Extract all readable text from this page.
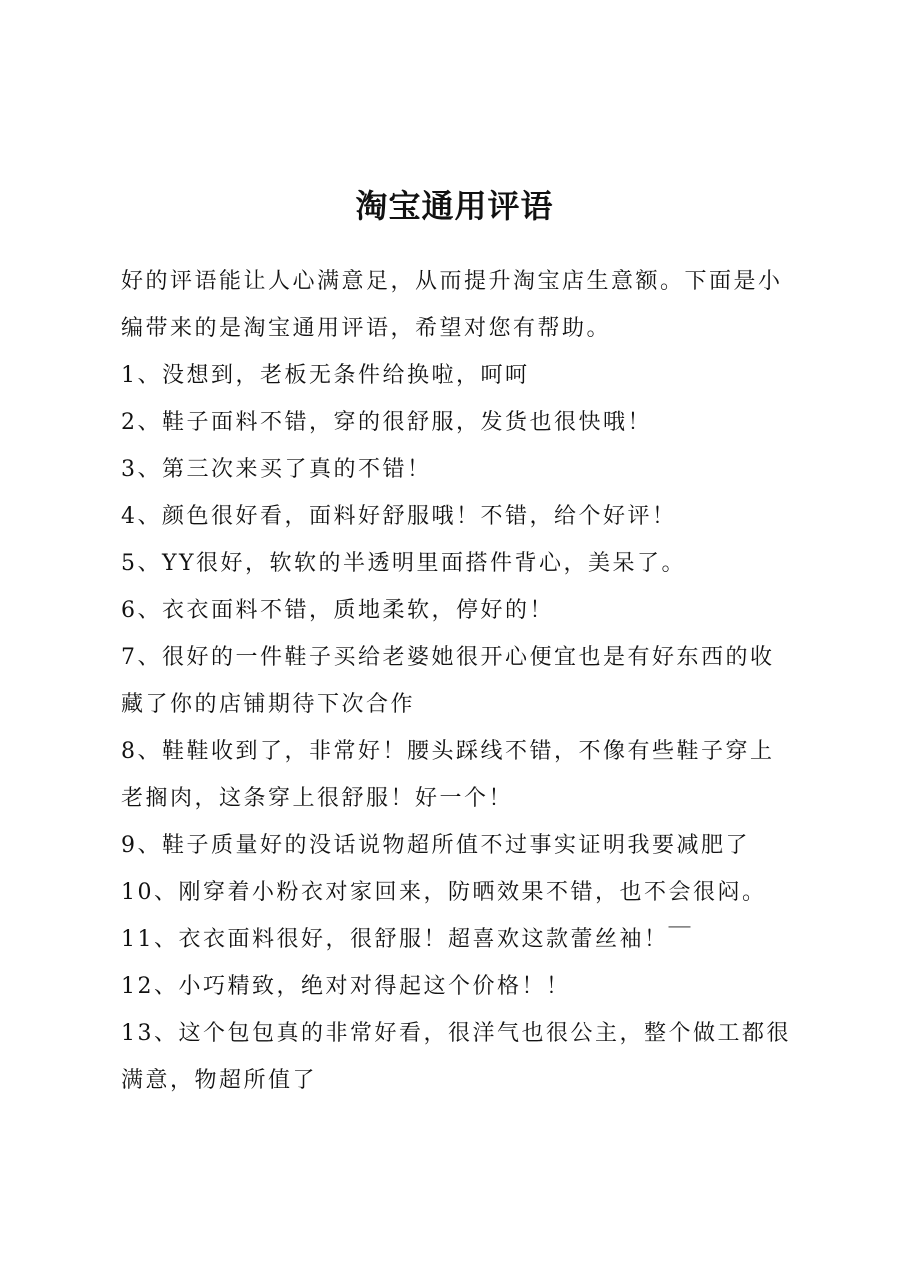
淘宝通用评语

好的评语能让人心满意足，从而提升淘宝店生意额。下面是小编带来的是淘宝通用评语，希望对您有帮助。

1、没想到，老板无条件给换啦，呵呵

2、鞋子面料不错，穿的很舒服，发货也很快哦！

3、第三次来买了真的不错！

4、颜色很好看，面料好舒服哦！不错，给个好评！

5、YY很好，软软的半透明里面搭件背心，美呆了。

6、衣衣面料不错，质地柔软，停好的！

7、很好的一件鞋子买给老婆她很开心便宜也是有好东西的收藏了你的店铺期待下次合作

8、鞋鞋收到了，非常好！腰头踩线不错，不像有些鞋子穿上老搁肉，这条穿上很舒服！好一个！

9、鞋子质量好的没话说物超所值不过事实证明我要减肥了

10、刚穿着小粉衣对家回来，防晒效果不错，也不会很闷。

11、衣衣面料很好，很舒服！超喜欢这款蕾丝袖！￣

12、小巧精致，绝对对得起这个价格！！

13、这个包包真的非常好看，很洋气也很公主，整个做工都很满意，物超所值了
